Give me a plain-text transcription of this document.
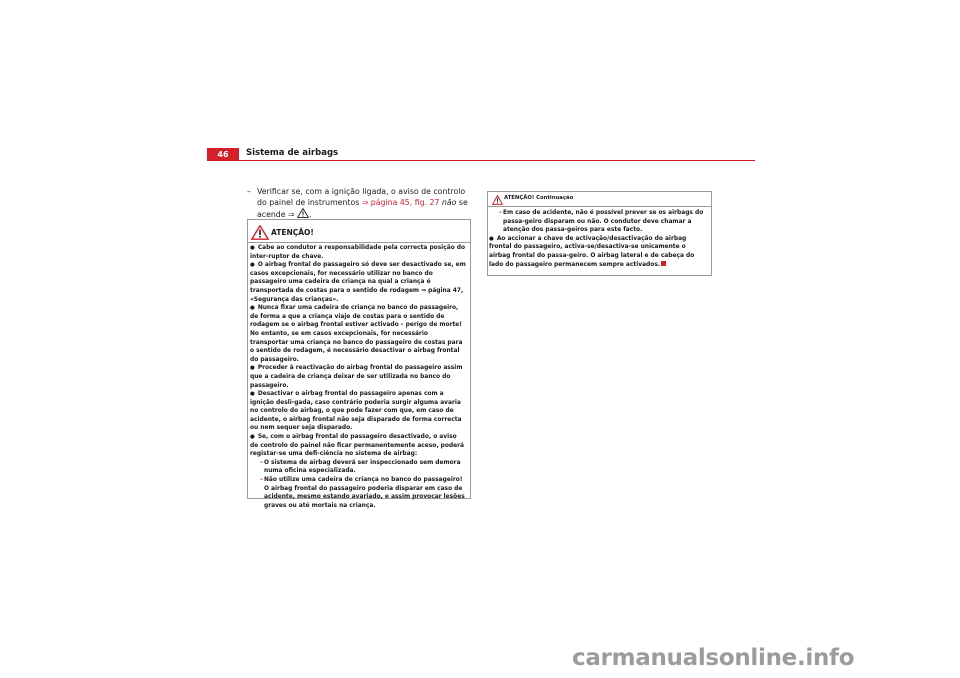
46	Sistema de airbags
– Verificar se, com a ignição ligada, o aviso de controlo do painel de instrumentos ⇒ página 45, fig. 27 não se acende ⇒ .
ATENÇÃO!

● Cabe ao condutor a responsabilidade pela correcta posição do inter-ruptor de chave.

● O airbag frontal do passageiro só deve ser desactivado se, em casos excepcionais, for necessário utilizar no banco do passageiro uma cadeira de criança na qual a criança é transportada de costas para o sentido de rodagem ⇒ página 47, «Segurança das crianças».

● Nunca fixar uma cadeira de criança no banco do passageiro, de forma a que a criança viaje de costas para o sentido de rodagem se o airbag frontal estiver activado – perigo de morte! No entanto, se em casos excepcionais, for necessário transportar uma criança no banco do passageiro de costas para o sentido de rodagem, é necessário desactivar o airbag frontal do passageiro.

● Proceder à reactivação do airbag frontal do passageiro assim que a cadeira de criança deixar de ser utilizada no banco do passageiro.

● Desactivar o airbag frontal do passageiro apenas com a ignição desli-gada, caso contrário poderia surgir alguma avaria no controlo do airbag, o que pode fazer com que, em caso de acidente, o airbag frontal não seja disparado de forma correcta ou nem sequer seja disparado.

● Se, com o airbag frontal do passageiro desactivado, o aviso de controlo do painel não ficar permanentemente aceso, poderá registar-se uma defi-ciência no sistema de airbag:

– O sistema de airbag deverá ser inspeccionado sem demora numa oficina especializada.

– Não utilize uma cadeira de criança no banco do passageiro! O airbag frontal do passageiro poderia disparar em caso de acidente, mesmo estando avariado, e assim provocar lesões graves ou até mortais na criança.

ATENÇÃO! Continuação

– Em caso de acidente, não é possível prever se os airbags do passa-geiro disparam ou não. O condutor deve chamar a atenção dos passa-geiros para este facto.

● Ao accionar a chave de activação/desactivação do airbag frontal do passageiro, activa-se/desactiva-se unicamente o airbag frontal do passa-geiro. O airbag lateral e de cabeça do lado do passageiro permanecem sempre activados.

carmanualsonline.info
